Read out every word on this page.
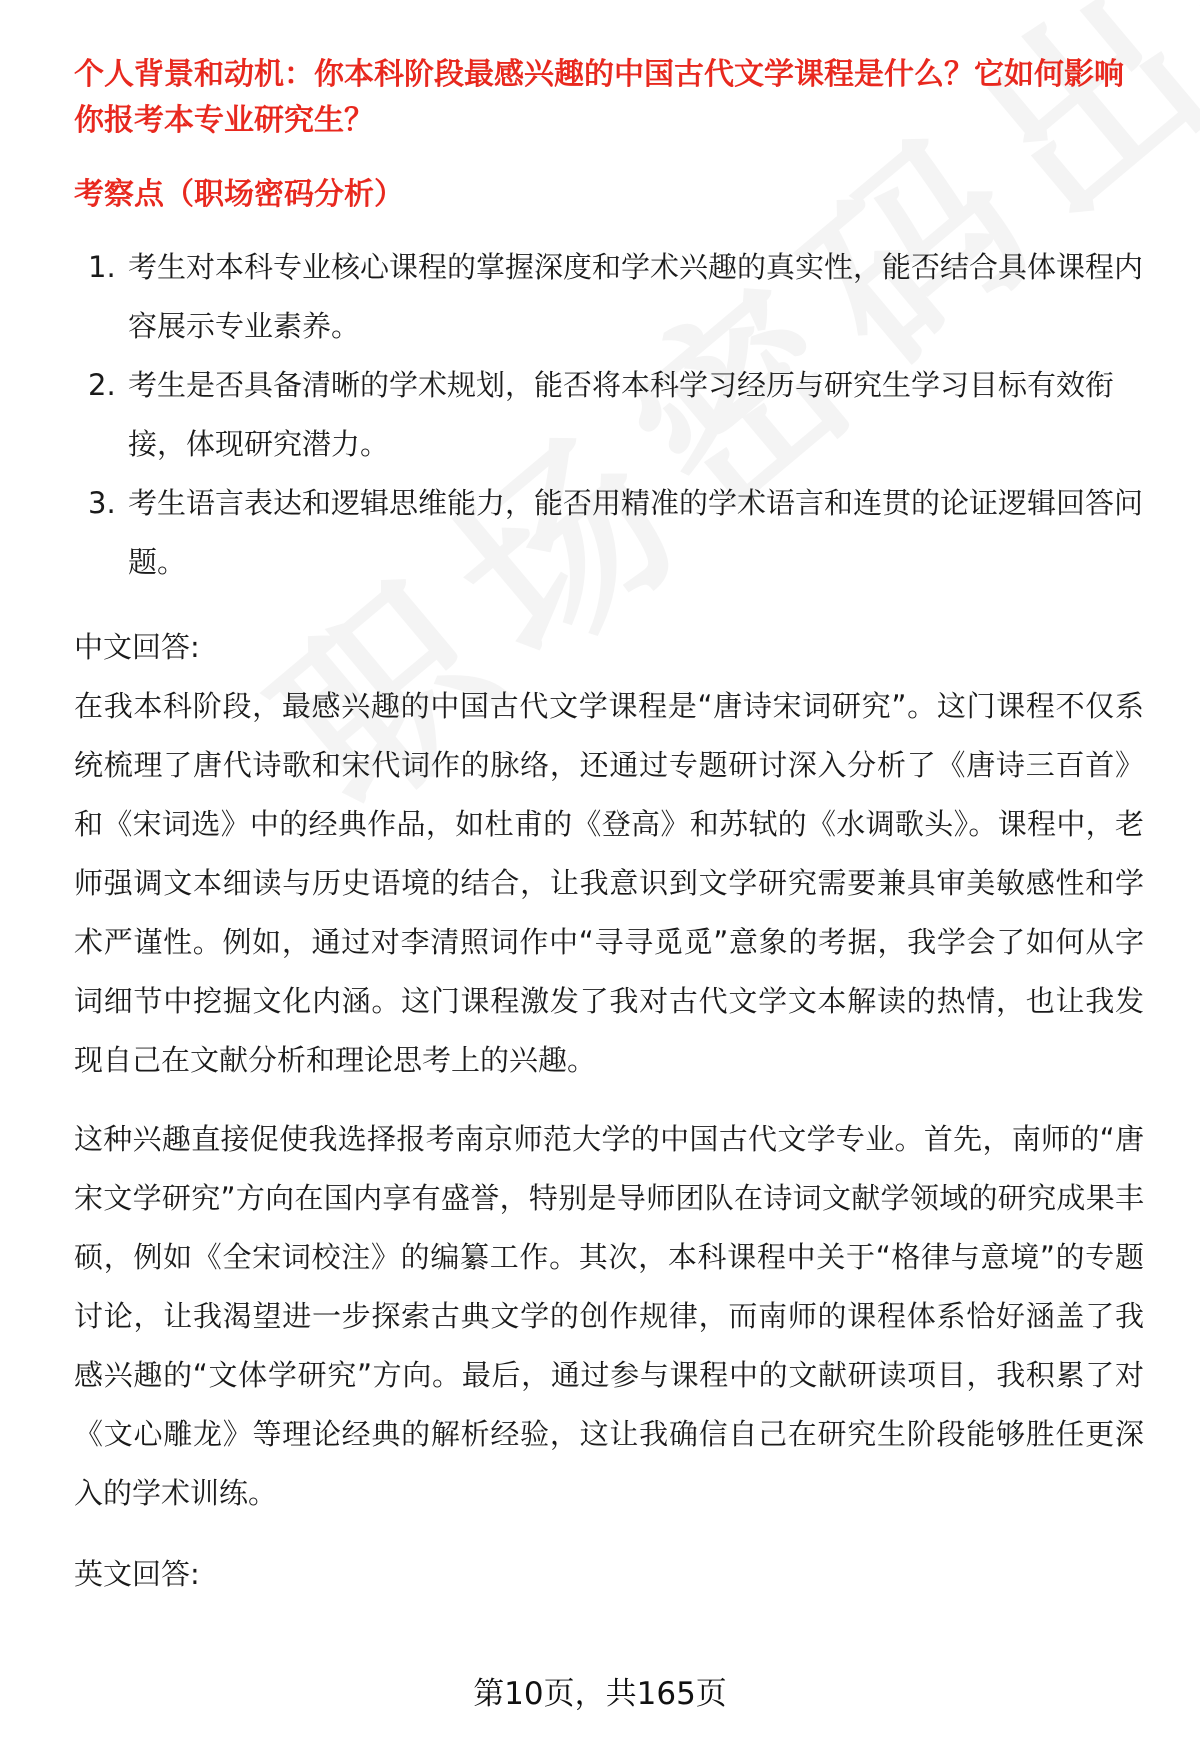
个人背景和动机：你本科阶段最感兴趣的中国古代文学课程是什么？它如何影响你报考本专业研究生？

考察点（职场密码分析）
1. 考生对本科专业核心课程的掌握深度和学术兴趣的真实性，能否结合具体课程内容展示专业素养。
2. 考生是否具备清晰的学术规划，能否将本科学习经历与研究生学习目标有效衔接，体现研究潜力。
3. 考生语言表达和逻辑思维能力，能否用精准的学术语言和连贯的论证逻辑回答问题。
中文回答:

在我本科阶段，最感兴趣的中国古代文学课程是“唐诗宋词研究”。这门课程不仅系统梳理了唐代诗歌和宋代词作的脉络，还通过专题研讨深入分析了《唐诗三百首》和《宋词选》中的经典作品，如杜甫的《登高》和苏轼的《水调歌头》。课程中，老师强调文本细读与历史语境的结合，让我意识到文学研究需要兼具审美敏感性和学术严谨性。例如，通过对李清照词作中“寻寻觅觅”意象的考据，我学会了如何从字词细节中挖掘文化内涵。这门课程激发了我对古代文学文本解读的热情，也让我发现自己在文献分析和理论思考上的兴趣。

这种兴趣直接促使我选择报考南京师范大学的中国古代文学专业。首先，南师的“唐宋文学研究”方向在国内享有盛誉，特别是导师团队在诗词文献学领域的研究成果丰硕，例如《全宋词校注》的编纂工作。其次，本科课程中关于“格律与意境”的专题讨论，让我渴望进一步探索古典文学的创作规律，而南师的课程体系恰好涵盖了我感兴趣的“文体学研究”方向。最后，通过参与课程中的文献研读项目，我积累了对《文心雕龙》等理论经典的解析经验，这让我确信自己在研究生阶段能够胜任更深入的学术训练。

英文回答:
第10页，共165页
